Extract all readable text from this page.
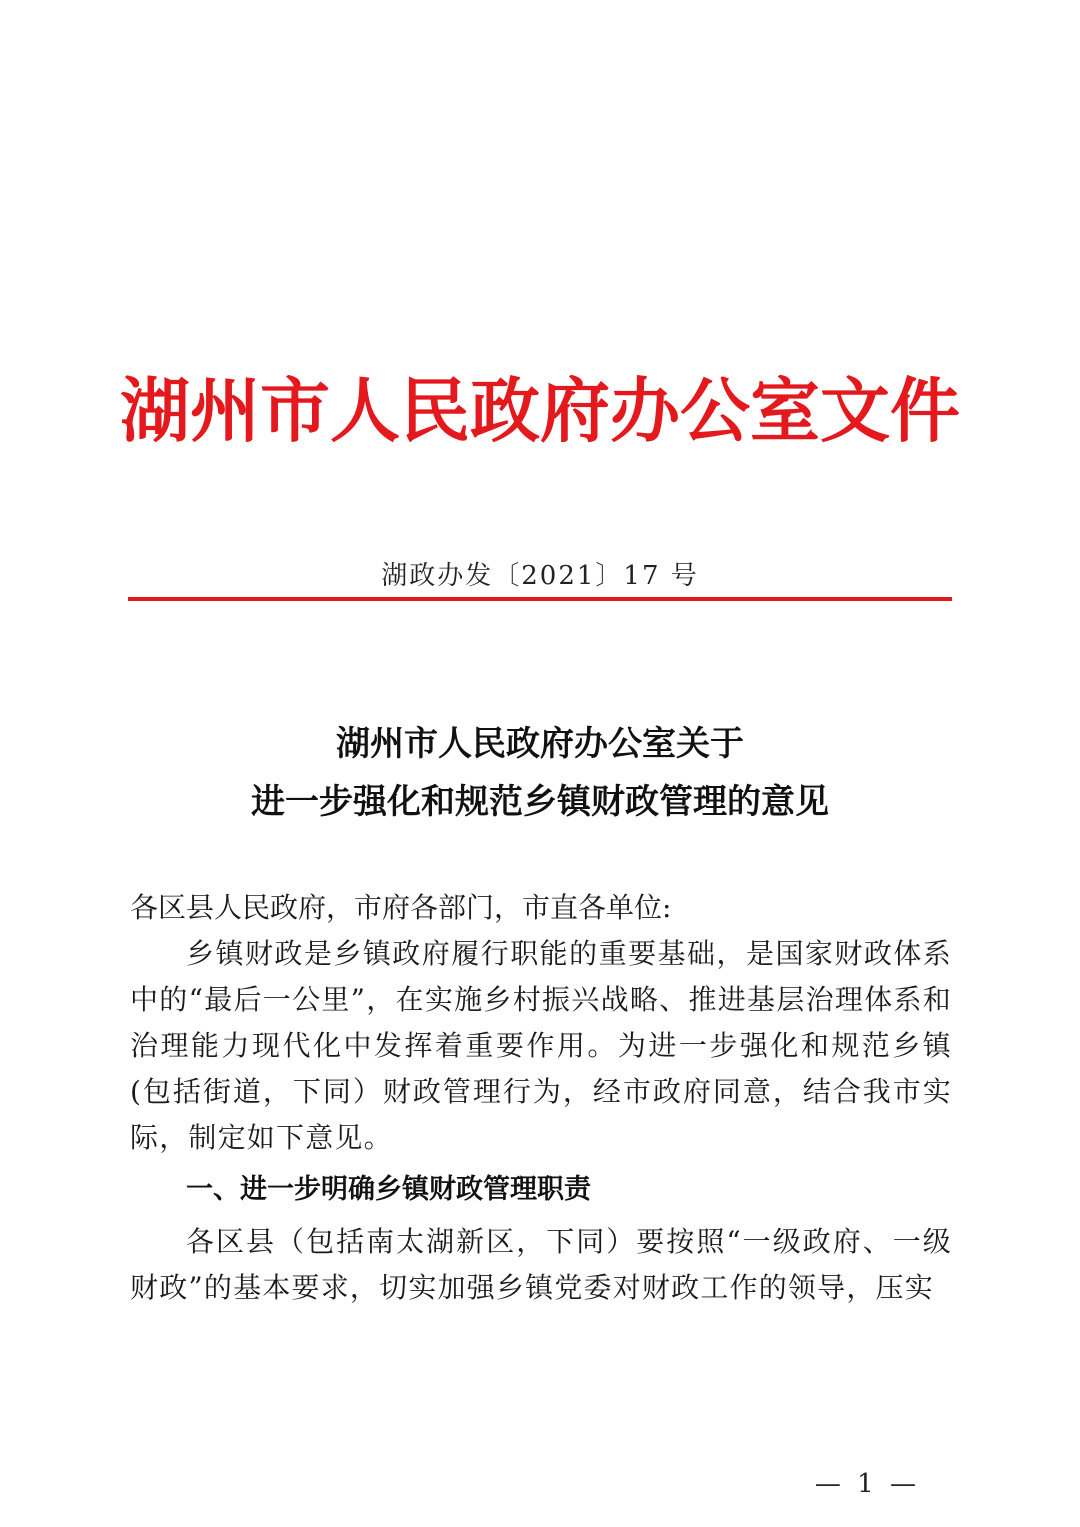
湖州市人民政府办公室文件
湖政办发〔2021〕17 号
湖州市人民政府办公室关于
进一步强化和规范乡镇财政管理的意见
各区县人民政府，市府各部门，市直各单位:

乡镇财政是乡镇政府履行职能的重要基础，是国家财政体系中的“最后一公里”，在实施乡村振兴战略、推进基层治理体系和治理能力现代化中发挥着重要作用。为进一步强化和规范乡镇(包括街道，下同）财政管理行为，经市政府同意，结合我市实际，制定如下意见。

一、进一步明确乡镇财政管理职责

各区县（包括南太湖新区，下同）要按照“一级政府、一级财政”的基本要求，切实加强乡镇党委对财政工作的领导，压实

— 1 —
